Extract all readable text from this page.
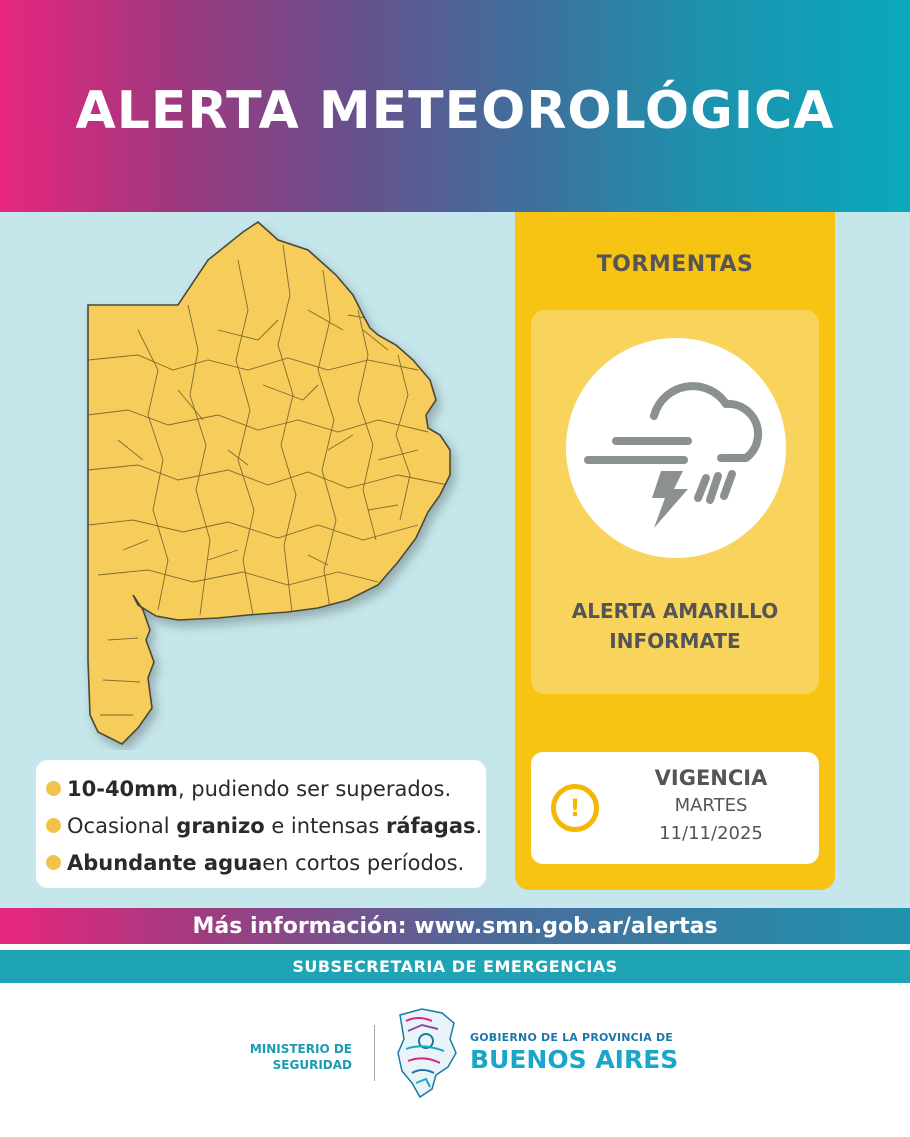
ALERTA METEOROLÓGICA
10-40mm , pudiendo ser superados.
Ocasional
granizo
e intensas
ráfagas .
Abundante agua en cortos períodos.
TORMENTAS
ALERTA AMARILLO
INFORMATE
!
VIGENCIA
MARTES
11/11/2025
Más información: www.smn.gob.ar/alertas
SUBSECRETARIA DE EMERGENCIAS
MINISTERIO DE
SEGURIDAD
GOBIERNO DE LA PROVINCIA DE
BUENOS AIRES
